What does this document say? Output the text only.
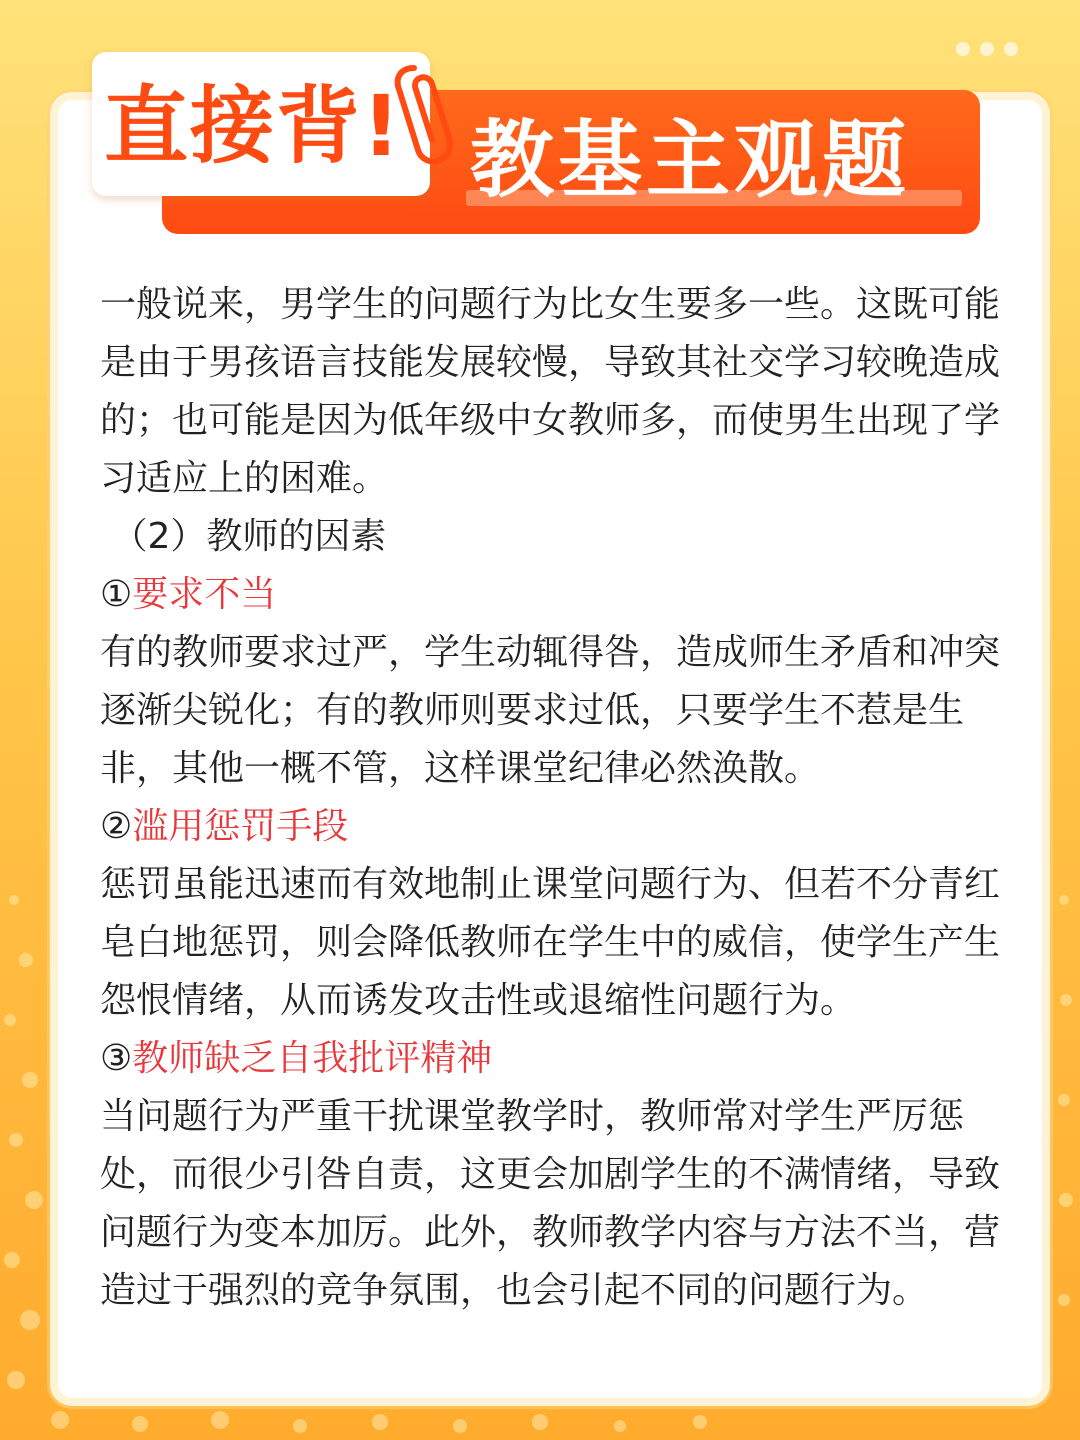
教基主观题
直接背!

一般说来，男学生的问题行为比女生要多一些。这既可能是由于男孩语言技能发展较慢，导致其社交学习较晚造成的；也可能是因为低年级中女教师多，而使男生出现了学习适应上的困难。

（2）教师的因素

①要求不当

有的教师要求过严，学生动辄得咎，造成师生矛盾和冲突逐渐尖锐化；有的教师则要求过低，只要学生不惹是生非，其他一概不管，这样课堂纪律必然涣散。

②滥用惩罚手段

惩罚虽能迅速而有效地制止课堂问题行为、但若不分青红皂白地惩罚，则会降低教师在学生中的威信，使学生产生怨恨情绪，从而诱发攻击性或退缩性问题行为。

③教师缺乏自我批评精神

当问题行为严重干扰课堂教学时，教师常对学生严厉惩处，而很少引咎自责，这更会加剧学生的不满情绪，导致问题行为变本加厉。此外，教师教学内容与方法不当，营造过于强烈的竞争氛围，也会引起不同的问题行为。
